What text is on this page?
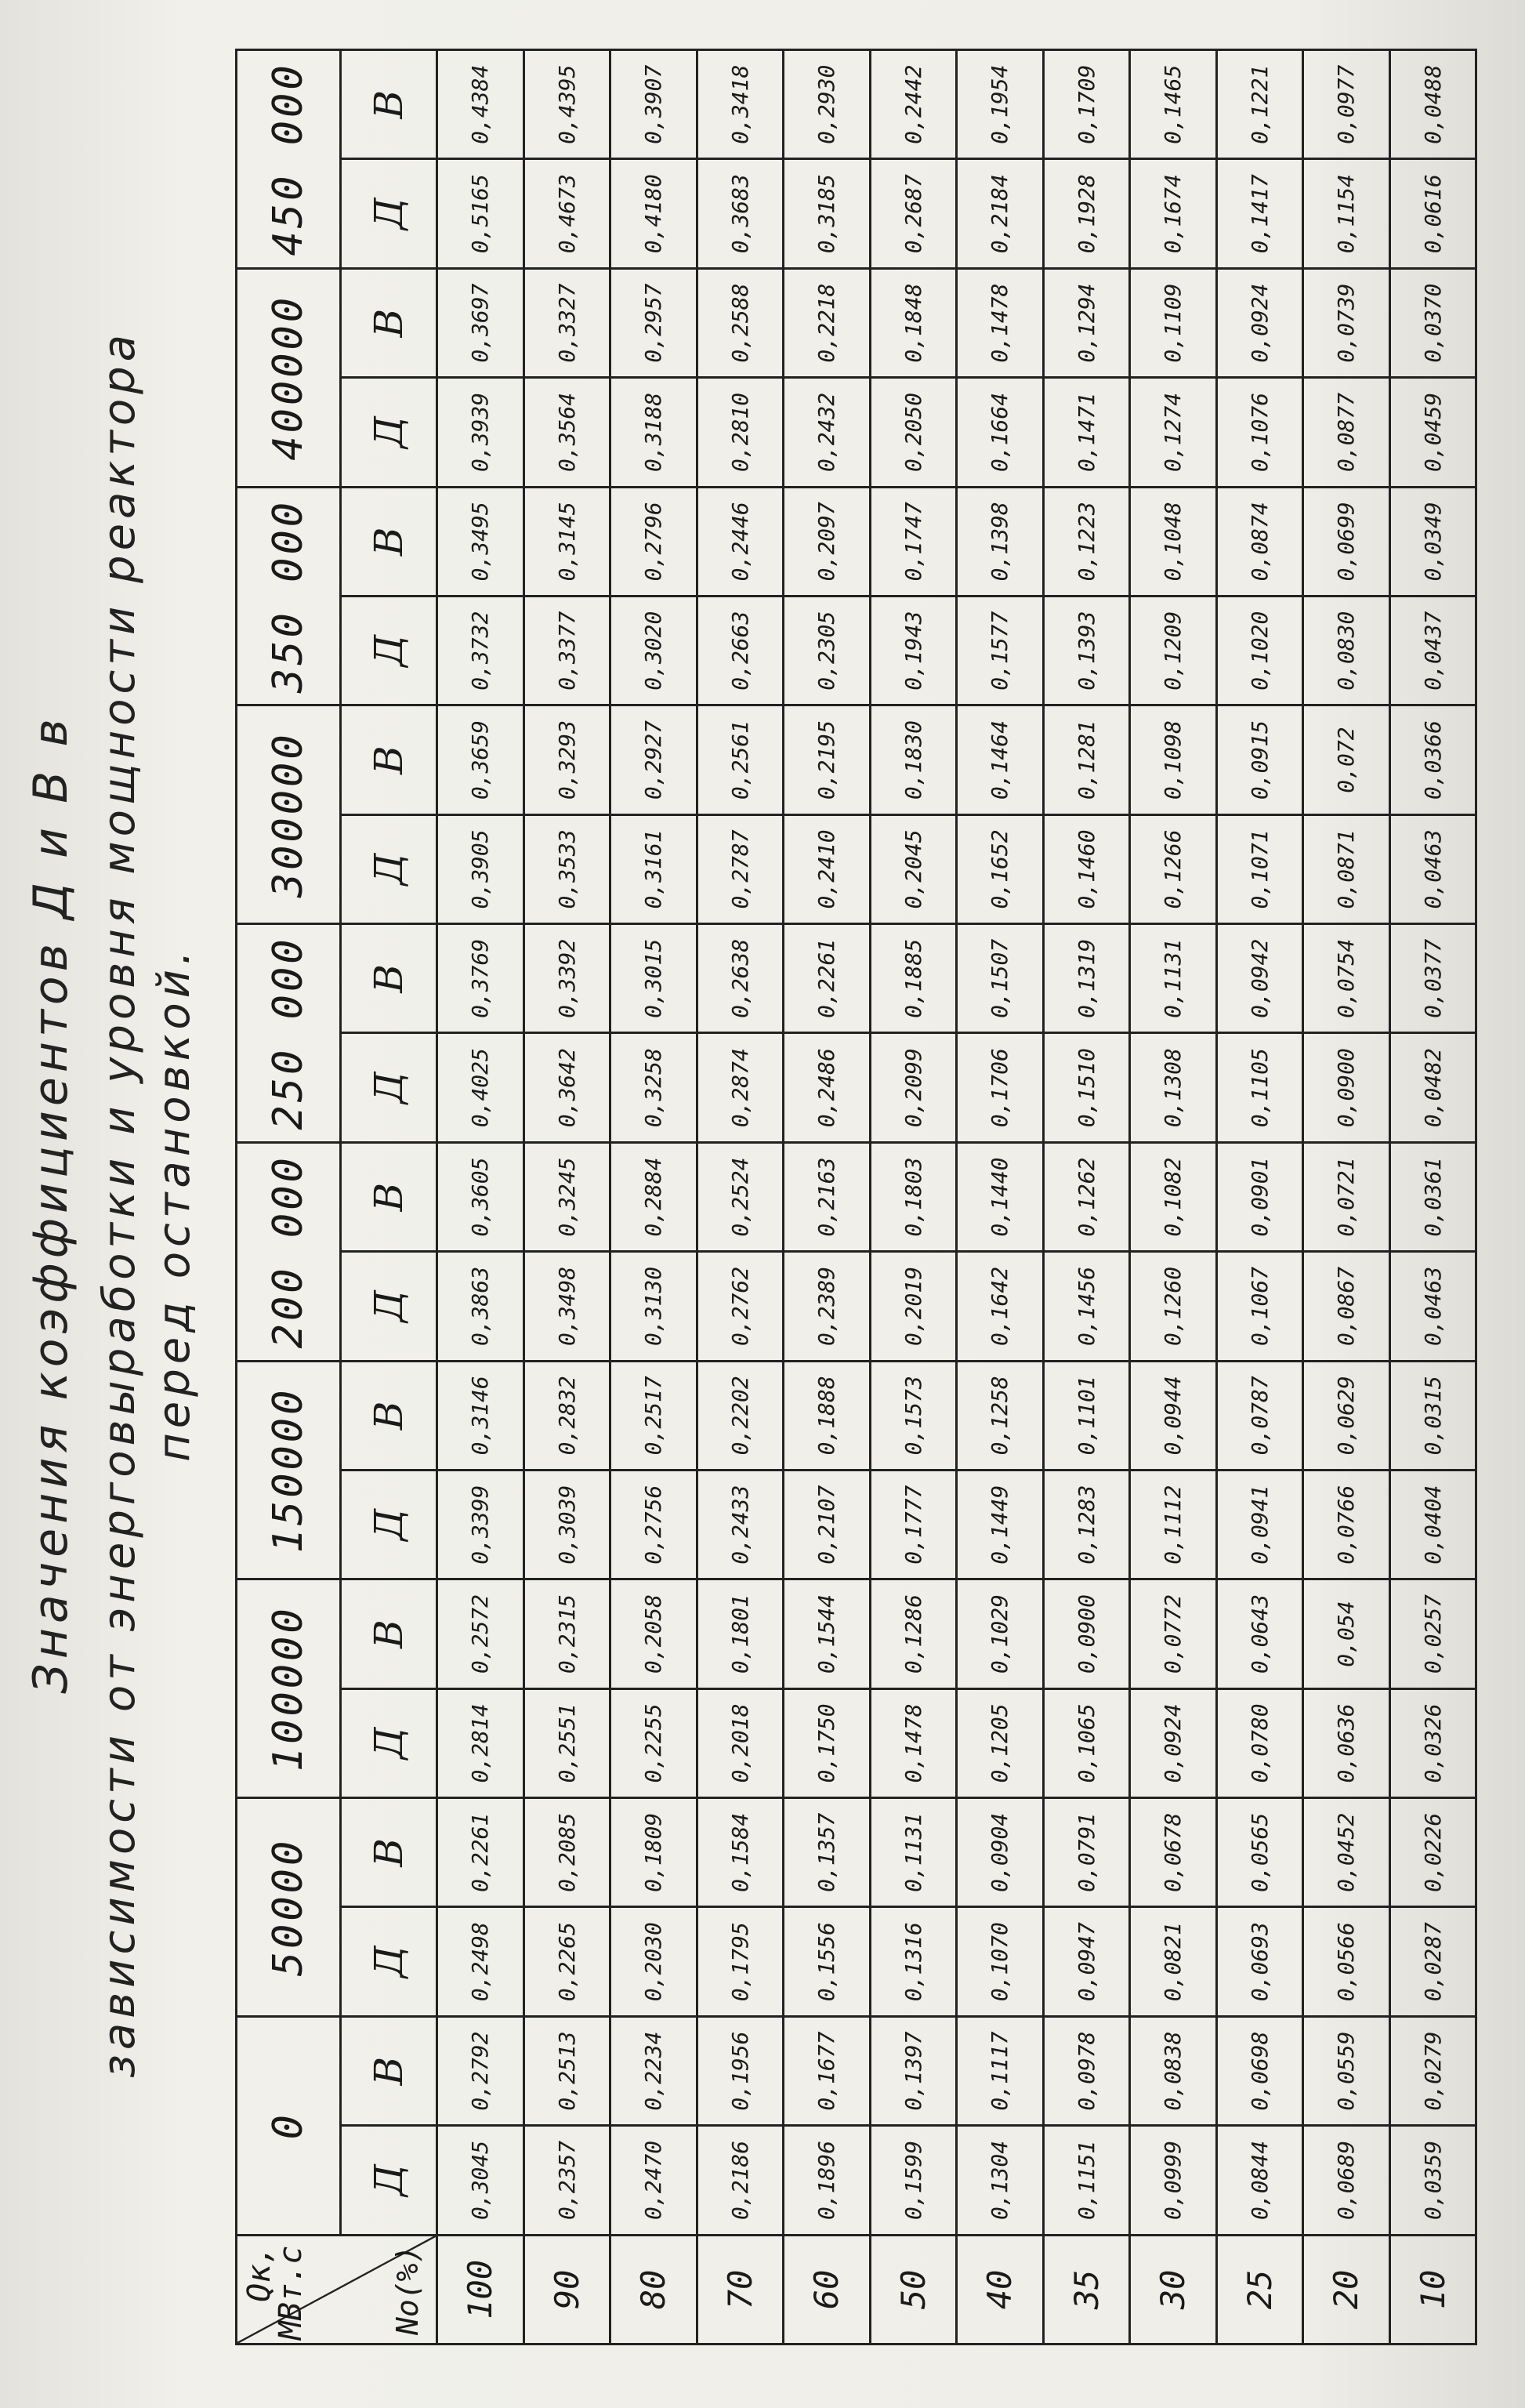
Значения коэффициентов Д и В в зависимости от энерговыработки и уровня мощности реактора перед остановкой.
Qк,
МВт.с No(%)	0		50000		100000		150000		200 000		250 000		300000		350 000		400000		450 000	
	Д	В	Д	В	Д	В	Д	В	Д	В	Д	В	Д	В	Д	В	Д	В	Д	В
100	0,3045	0,2792	0,2498	0,2261	0,2814	0,2572	0,3399	0,3146	0,3863	0,3605	0,4025	0,3769	0,3905	0,3659	0,3732	0,3495	0,3939	0,3697	0,5165	0,4384
90	0,2357	0,2513	0,2265	0,2085	0,2551	0,2315	0,3039	0,2832	0,3498	0,3245	0,3642	0,3392	0,3533	0,3293	0,3377	0,3145	0,3564	0,3327	0,4673	0,4395
80	0,2470	0,2234	0,2030	0,1809	0,2255	0,2058	0,2756	0,2517	0,3130	0,2884	0,3258	0,3015	0,3161	0,2927	0,3020	0,2796	0,3188	0,2957	0,4180	0,3907
70	0,2186	0,1956	0,1795	0,1584	0,2018	0,1801	0,2433	0,2202	0,2762	0,2524	0,2874	0,2638	0,2787	0,2561	0,2663	0,2446	0,2810	0,2588	0,3683	0,3418
60	0,1896	0,1677	0,1556	0,1357	0,1750	0,1544	0,2107	0,1888	0,2389	0,2163	0,2486	0,2261	0,2410	0,2195	0,2305	0,2097	0,2432	0,2218	0,3185	0,2930
50	0,1599	0,1397	0,1316	0,1131	0,1478	0,1286	0,1777	0,1573	0,2019	0,1803	0,2099	0,1885	0,2045	0,1830	0,1943	0,1747	0,2050	0,1848	0,2687	0,2442
40	0,1304	0,1117	0,1070	0,0904	0,1205	0,1029	0,1449	0,1258	0,1642	0,1440	0,1706	0,1507	0,1652	0,1464	0,1577	0,1398	0,1664	0,1478	0,2184	0,1954
35	0,1151	0,0978	0,0947	0,0791	0,1065	0,0900	0,1283	0,1101	0,1456	0,1262	0,1510	0,1319	0,1460	0,1281	0,1393	0,1223	0,1471	0,1294	0,1928	0,1709
30	0,0999	0,0838	0,0821	0,0678	0,0924	0,0772	0,1112	0,0944	0,1260	0,1082	0,1308	0,1131	0,1266	0,1098	0,1209	0,1048	0,1274	0,1109	0,1674	0,1465
25	0,0844	0,0698	0,0693	0,0565	0,0780	0,0643	0,0941	0,0787	0,1067	0,0901	0,1105	0,0942	0,1071	0,0915	0,1020	0,0874	0,1076	0,0924	0,1417	0,1221
20	0,0689	0,0559	0,0566	0,0452	0,0636	0,054	0,0766	0,0629	0,0867	0,0721	0,0900	0,0754	0,0871	0,072	0,0830	0,0699	0,0877	0,0739	0,1154	0,0977
10	0,0359	0,0279	0,0287	0,0226	0,0326	0,0257	0,0404	0,0315	0,0463	0,0361	0,0482	0,0377	0,0463	0,0366	0,0437	0,0349	0,0459	0,0370	0,0616	0,0488
